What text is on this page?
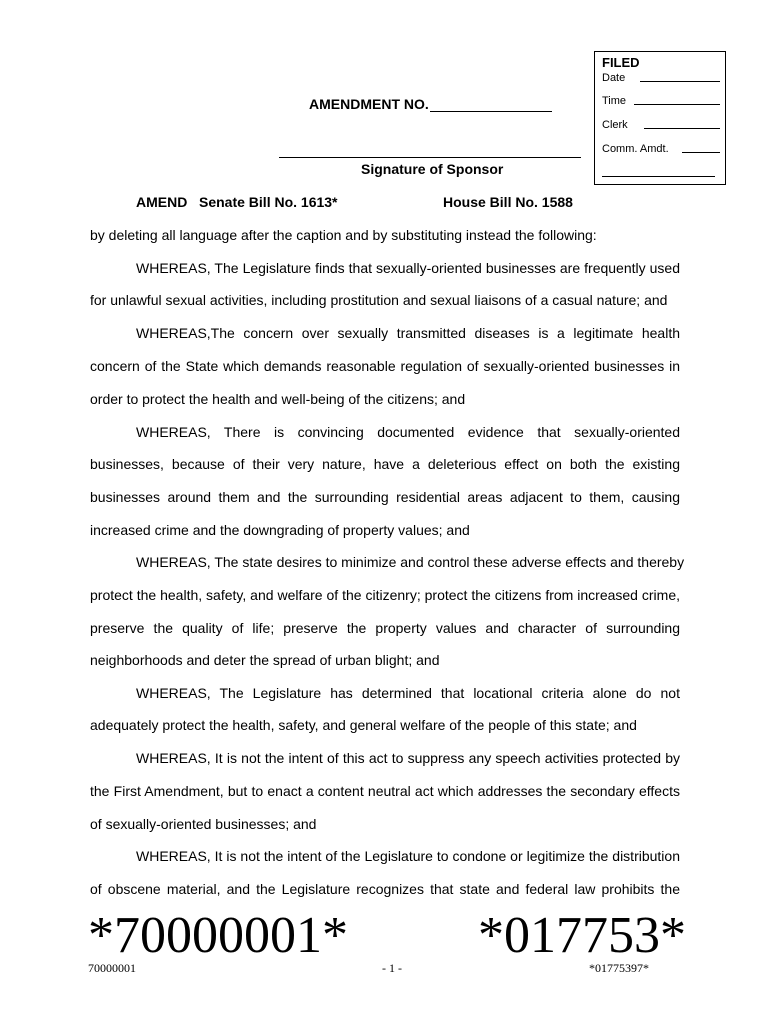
FILED
Date
Time
Clerk
Comm. Amdt.
AMENDMENT NO.
Signature of Sponsor
AMEND Senate Bill No. 1613*	House Bill No. 1588
by deleting all language after the caption and by substituting instead the following:
WHEREAS, The Legislature finds that sexually-oriented businesses are frequently used
for unlawful sexual activities, including prostitution and sexual liaisons of a casual nature; and
WHEREAS,The concern over sexually transmitted diseases is a legitimate health
concern of the State which demands reasonable regulation of sexually-oriented businesses in
order to protect the health and well-being of the citizens; and
WHEREAS, There is convincing documented evidence that sexually-oriented
businesses, because of their very nature, have a deleterious effect on both the existing
businesses around them and the surrounding residential areas adjacent to them, causing
increased crime and the downgrading of property values; and
WHEREAS, The state desires to minimize and control these adverse effects and thereby
protect the health, safety, and welfare of the citizenry; protect the citizens from increased crime,
preserve the quality of life; preserve the property values and character of surrounding
neighborhoods and deter the spread of urban blight; and
WHEREAS, The Legislature has determined that locational criteria alone do not
adequately protect the health, safety, and general welfare of the people of this state; and
WHEREAS, It is not the intent of this act to suppress any speech activities protected by
the First Amendment, but to enact a content neutral act which addresses the secondary effects
of sexually-oriented businesses; and
WHEREAS, It is not the intent of the Legislature to condone or legitimize the distribution
of obscene material, and the Legislature recognizes that state and federal law prohibits the
*70000001*	*017753*
70000001	- 1 -	*01775397*
